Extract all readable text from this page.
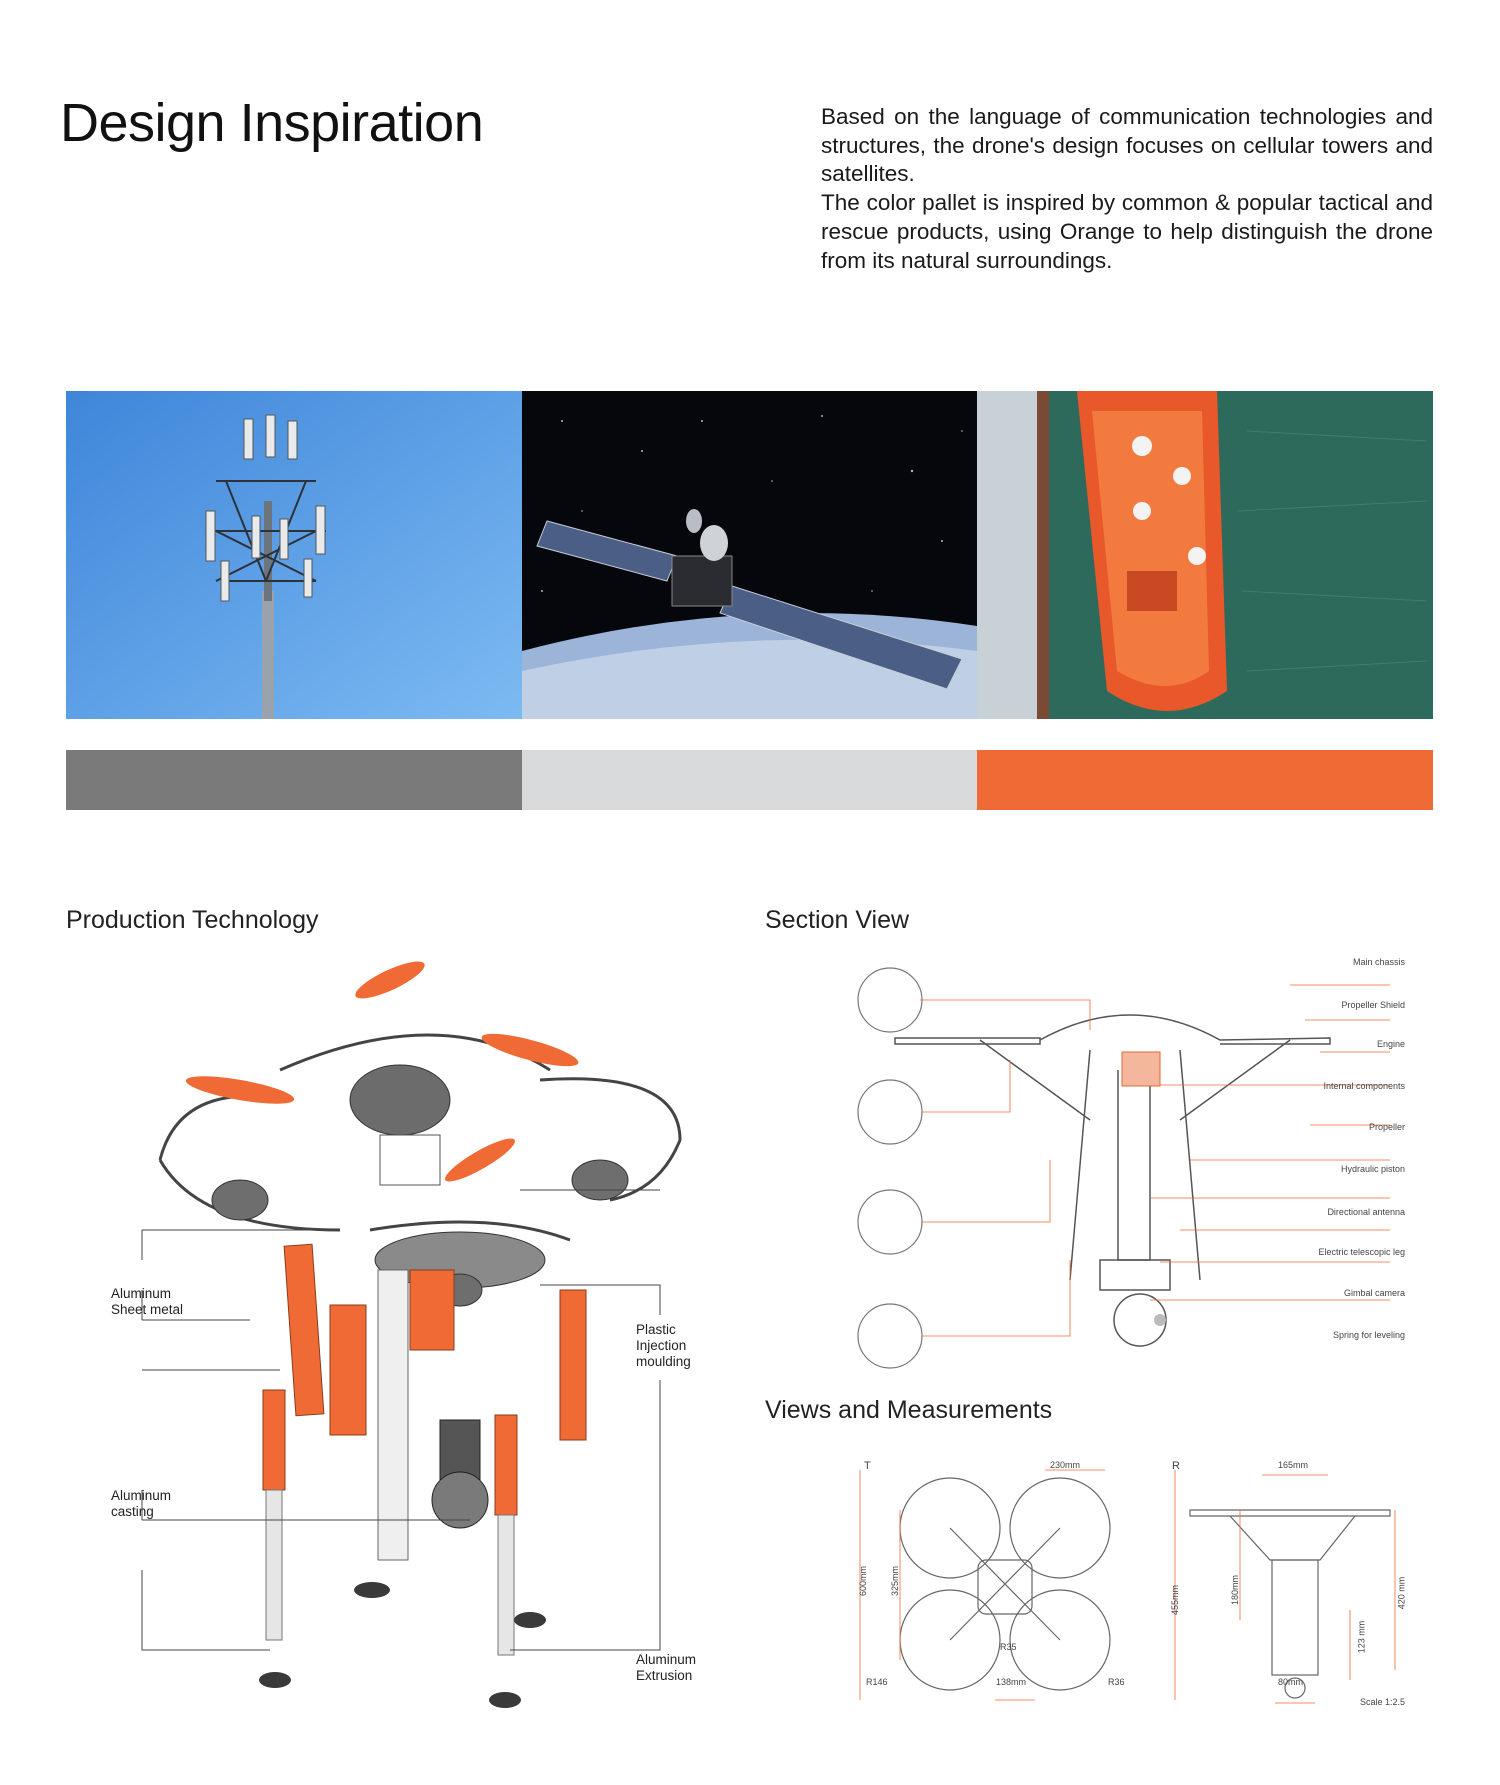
Design Inspiration	Based on the language of communication technologies and structures, the drone's design focuses on cellular towers and satellites.

The color pallet is inspired by common & popular tactical and rescue products, using Orange to help distinguish the drone from its natural surroundings.

Production Technology
Aluminum
Sheet metal
Plastic
Injection
moulding
Aluminum
casting
Aluminum
Extrusion
Section View
Main chassis
Propeller Shield
Engine
Internal components
Propeller
Hydraulic piston
Directional antenna
Electric telescopic leg
Gimbal camera
Spring for leveling
Views and Measurements
T	R
230mm
600mm 325mm
R35
R146	138mm	R36
165mm
455mm	180mm	420 mm
123 mm
80mm
Scale 1:2.5
